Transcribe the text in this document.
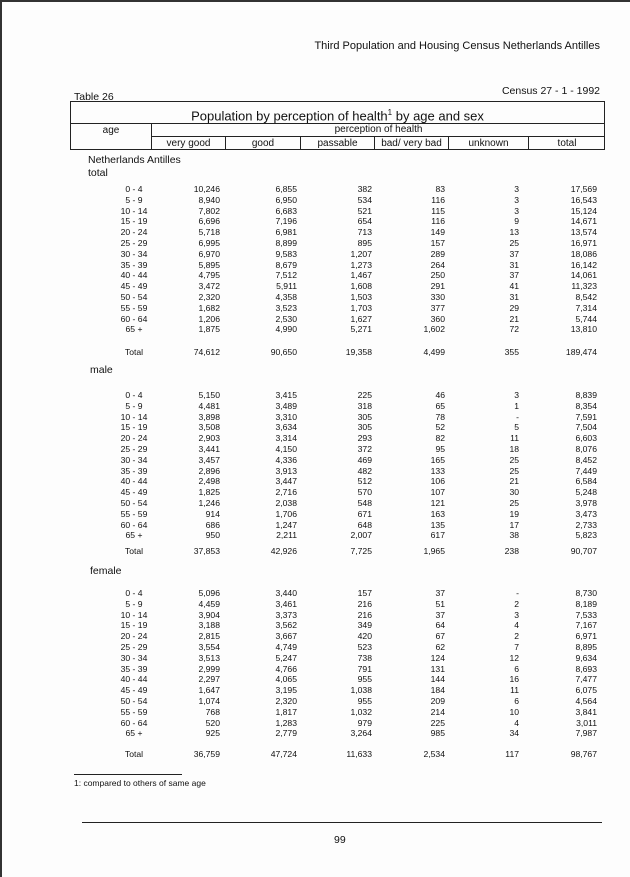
Third Population and Housing Census Netherlands Antilles
Table 26	Census 27 - 1 - 1992
Population by perception of health$^1$ by age and sex
age	perception of health
very good	good	passable	bad/ very bad	unknown	total
Netherlands Antilles
total
0 - 4	10,246	6,855	382	83	3	17,569
5 - 9	8,940	6,950	534	116	3	16,543
10 - 14	7,802	6,683	521	115	3	15,124
15 - 19	6,696	7,196	654	116	9	14,671
20 - 24	5,718	6,981	713	149	13	13,574
25 - 29	6,995	8,899	895	157	25	16,971
30 - 34	6,970	9,583	1,207	289	37	18,086
35 - 39	5,895	8,679	1,273	264	31	16,142
40 - 44	4,795	7,512	1,467	250	37	14,061
45 - 49	3,472	5,911	1,608	291	41	11,323
50 - 54	2,320	4,358	1,503	330	31	8,542
55 - 59	1,682	3,523	1,703	377	29	7,314
60 - 64	1,206	2,530	1,627	360	21	5,744
65 +	1,875	4,990	5,271	1,602	72	13,810
Total	74,612	90,650	19,358	4,499	355	189,474
male
0 - 4	5,150	3,415	225	46	3	8,839
5 - 9	4,481	3,489	318	65	1	8,354
10 - 14	3,898	3,310	305	78	-	7,591
15 - 19	3,508	3,634	305	52	5	7,504
20 - 24	2,903	3,314	293	82	11	6,603
25 - 29	3,441	4,150	372	95	18	8,076
30 - 34	3,457	4,336	469	165	25	8,452
35 - 39	2,896	3,913	482	133	25	7,449
40 - 44	2,498	3,447	512	106	21	6,584
45 - 49	1,825	2,716	570	107	30	5,248
50 - 54	1,246	2,038	548	121	25	3,978
55 - 59	914	1,706	671	163	19	3,473
60 - 64	686	1,247	648	135	17	2,733
65 +	950	2,211	2,007	617	38	5,823
Total	37,853	42,926	7,725	1,965	238	90,707
female
0 - 4	5,096	3,440	157	37	-	8,730
5 - 9	4,459	3,461	216	51	2	8,189
10 - 14	3,904	3,373	216	37	3	7,533
15 - 19	3,188	3,562	349	64	4	7,167
20 - 24	2,815	3,667	420	67	2	6,971
25 - 29	3,554	4,749	523	62	7	8,895
30 - 34	3,513	5,247	738	124	12	9,634
35 - 39	2,999	4,766	791	131	6	8,693
40 - 44	2,297	4,065	955	144	16	7,477
45 - 49	1,647	3,195	1,038	184	11	6,075
50 - 54	1,074	2,320	955	209	6	4,564
55 - 59	768	1,817	1,032	214	10	3,841
60 - 64	520	1,283	979	225	4	3,011
65 +	925	2,779	3,264	985	34	7,987
Total	36,759	47,724	11,633	2,534	117	98,767
1: compared to others of same age
99
